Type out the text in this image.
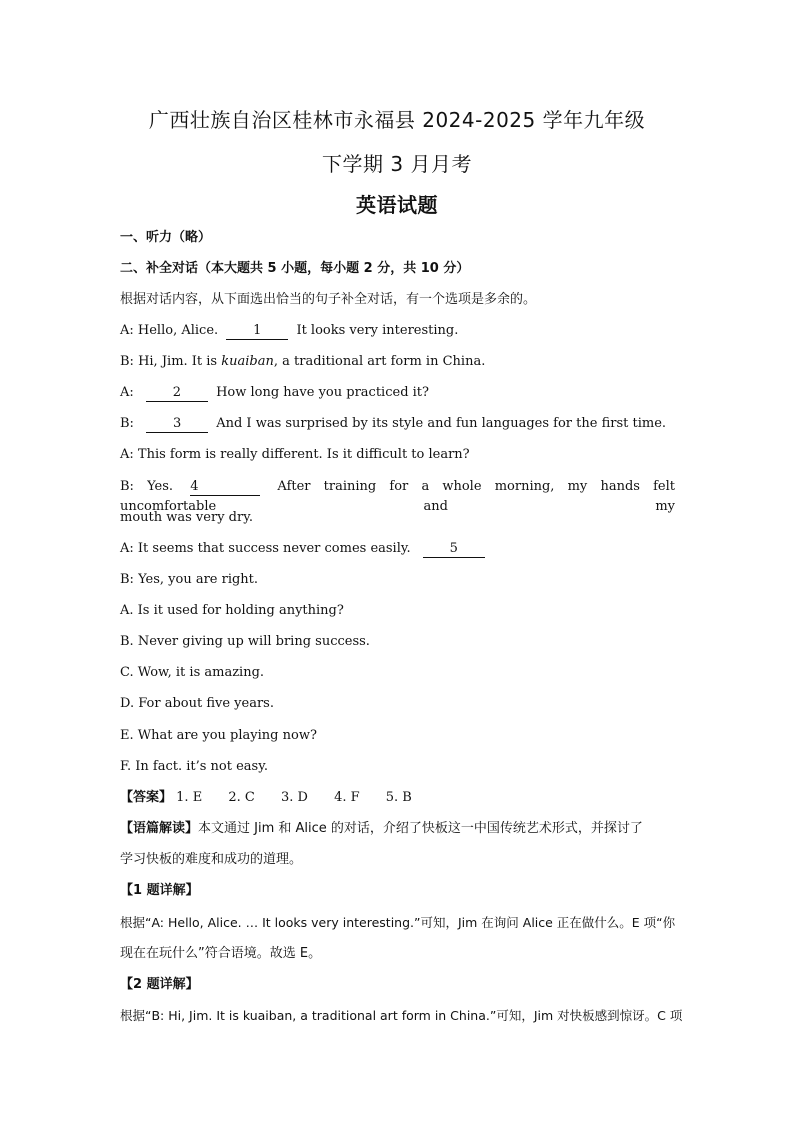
广西壮族自治区桂林市永福县 2024-2025 学年九年级
下学期 3 月月考
英语试题
一、听力（略）
二、补全对话（本大题共 5 小题，每小题 2 分，共 10 分）
根据对话内容，从下面选出恰当的句子补全对话，有一个选项是多余的。
A: Hello, Alice.	1	It looks very interesting.
B: Hi, Jim. It is kuaiban, a traditional art form in China.
A:	2	How long have you practiced it?
B:	3	And I was surprised by its style and fun languages for the first time.
A: This form is really different. Is it difficult to learn?
B: Yes. 4	After training for a whole morning, my hands felt uncomfortable and my
mouth was very dry.
A: It seems that success never comes easily.	5
B: Yes, you are right.
A. Is it used for holding anything?
B. Never giving up will bring success.
C. Wow, it is amazing.
D. For about five years.
E. What are you playing now?
F. In fact. it’s not easy.
【答案】 1. E 2. C 3. D 4. F 5. B
【语篇解读】本文通过 Jim 和 Alice 的对话，介绍了快板这一中国传统艺术形式，并探讨了
学习快板的难度和成功的道理。
【1 题详解】
根据“A: Hello, Alice. … It looks very interesting.”可知，Jim 在询问 Alice 正在做什么。E 项“你
现在在玩什么”符合语境。故选 E。
【2 题详解】
根据“B: Hi, Jim. It is kuaiban, a traditional art form in China.”可知，Jim 对快板感到惊讶。C 项
